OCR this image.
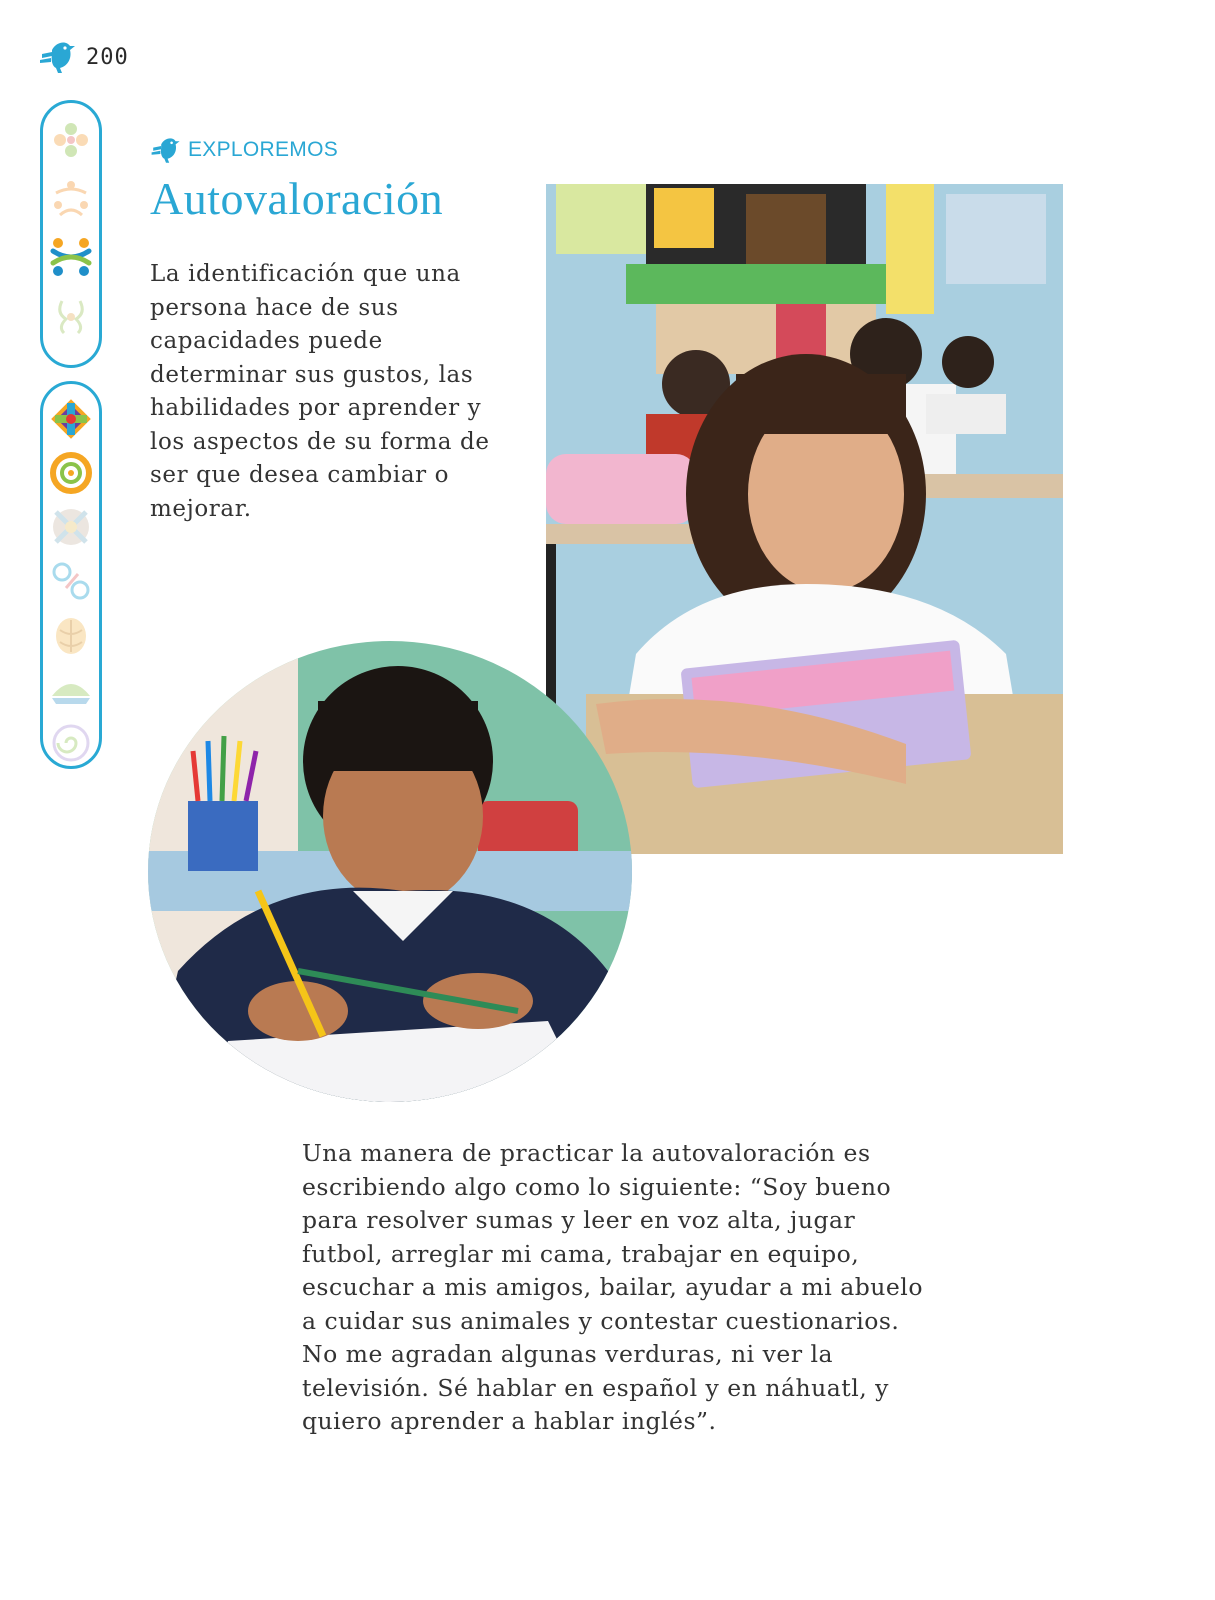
200
EXPLOREMOS
Autovaloración

La identificación que una persona hace de sus capacidades puede determinar sus gustos, las habilidades por aprender y los aspectos de su forma de ser que desea cambiar o mejorar.

Una manera de practicar la autovaloración es escribiendo algo como lo siguiente: “Soy bueno para resolver sumas y leer en voz alta, jugar futbol, arreglar mi cama, trabajar en equipo, escuchar a mis amigos, bailar, ayudar a mi abuelo a cuidar sus animales y contestar cuestionarios. No me agradan algunas verduras, ni ver la televisión. Sé hablar en español y en náhuatl, y quiero aprender a hablar inglés”.
